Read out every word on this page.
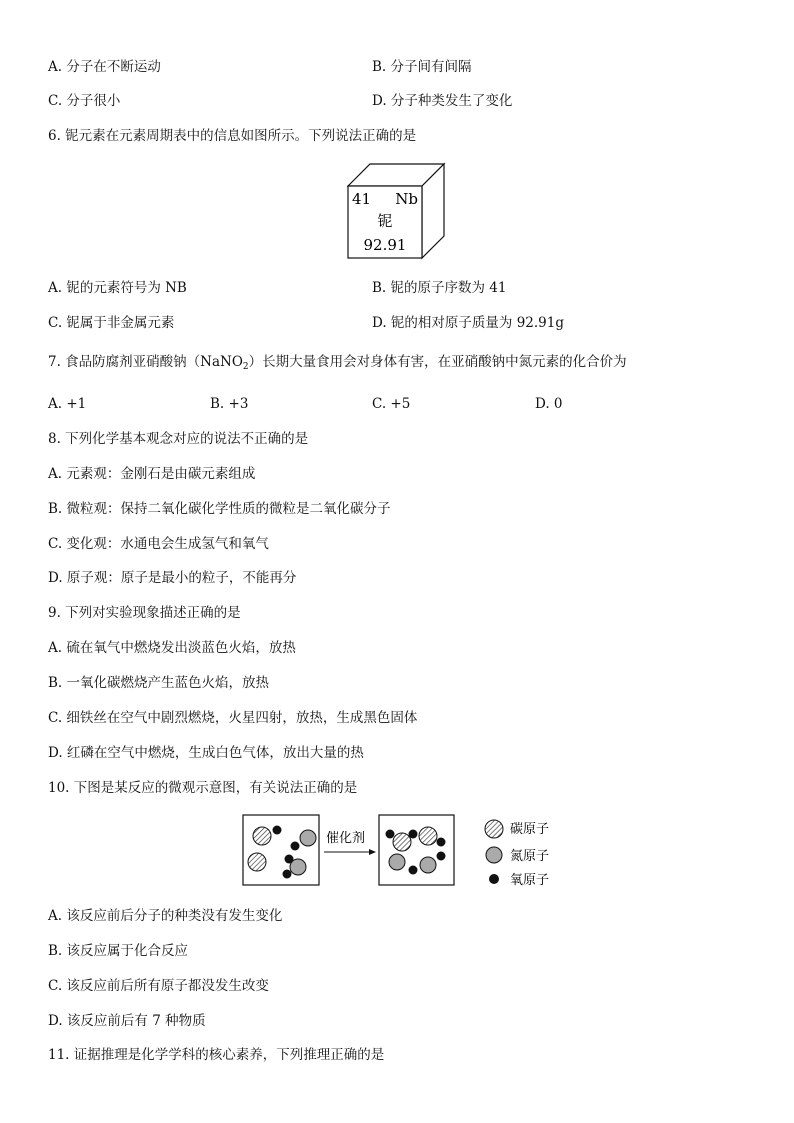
A. 分子在不断运动	B. 分子间有间隔
C. 分子很小	D. 分子种类发生了变化
6. 铌元素在元素周期表中的信息如图所示。下列说法正确的是
41 Nb
铌
92.91
A. 铌的元素符号为 NB	B. 铌的原子序数为 41
C. 铌属于非金属元素	D. 铌的相对原子质量为 92.91g
7. 食品防腐剂亚硝酸钠（NaNO$_2$）长期大量食用会对身体有害，在亚硝酸钠中氮元素的化合价为
A. +1	B. +3	C. +5	D. 0
8. 下列化学基本观念对应的说法不正确的是
A. 元素观：金刚石是由碳元素组成
B. 微粒观：保持二氧化碳化学性质的微粒是二氧化碳分子
C. 变化观：水通电会生成氢气和氧气
D. 原子观：原子是最小的粒子，不能再分
9. 下列对实验现象描述正确的是
A. 硫在氧气中燃烧发出淡蓝色火焰，放热
B. 一氧化碳燃烧产生蓝色火焰，放热
C. 细铁丝在空气中剧烈燃烧，火星四射，放热，生成黑色固体
D. 红磷在空气中燃烧，生成白色气体，放出大量的热
10. 下图是某反应的微观示意图，有关说法正确的是
催化剂
碳原子
氮原子
氧原子
A. 该反应前后分子的种类没有发生变化
B. 该反应属于化合反应
C. 该反应前后所有原子都没发生改变
D. 该反应前后有 7 种物质
11. 证据推理是化学学科的核心素养，下列推理正确的是
